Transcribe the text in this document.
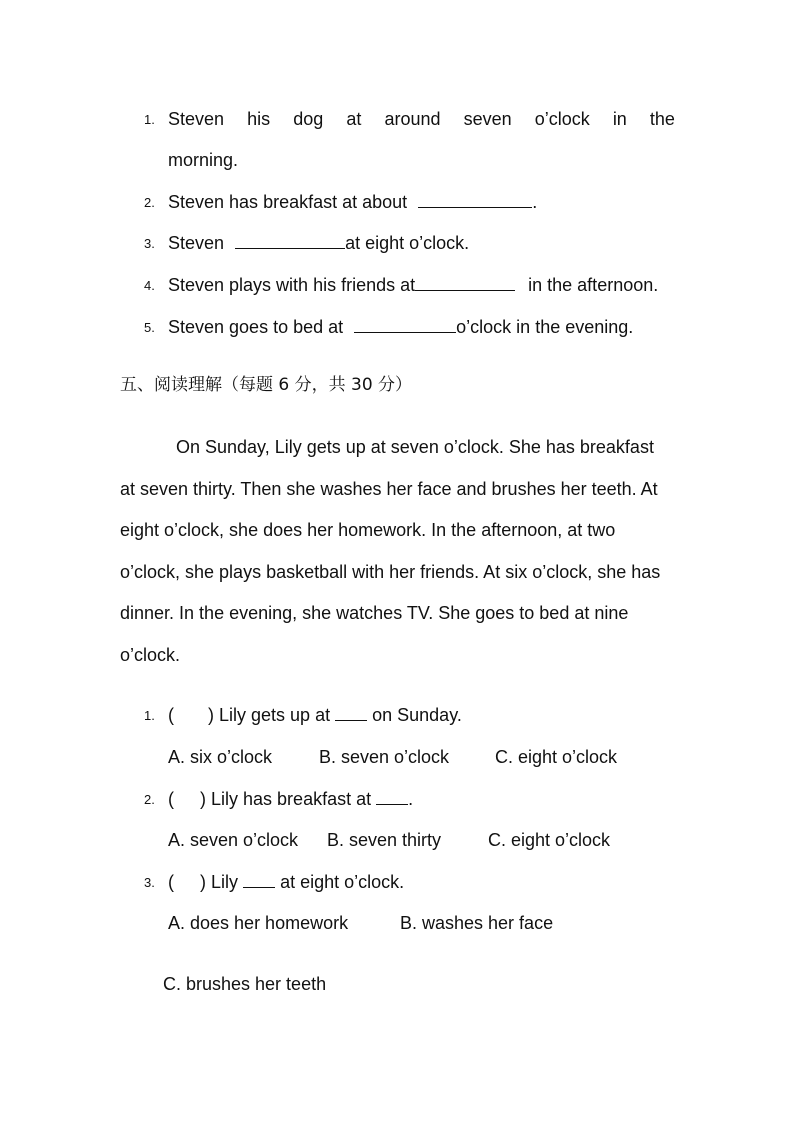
1. Steven his dog at around seven o’clock in the
morning.
2. Steven has breakfast at about	.
3. Steven	at eight o’clock.
4. Steven plays with his friends at	in the afternoon.
5. Steven goes to bed at	o’clock in the evening.
五、阅读理解（每题 6 分，共 30 分）
On Sunday, Lily gets up at seven o’clock. She has breakfast
at seven thirty. Then she washes her face and brushes her teeth. At
eight o’clock, she does her homework. In the afternoon, at two
o’clock, she plays basketball with her friends. At six o’clock, she has
dinner. In the evening, she watches TV. She goes to bed at nine
o’clock.
1. ( ) Lily gets up at on Sunday.
A. six o’clock	B. seven o’clock	C. eight o’clock
2. ( ) Lily has breakfast at .
A. seven o’clock B. seven thirty	C. eight o’clock
3. ( ) Lily at eight o’clock.
A. does her homework	B. washes her face
C. brushes her teeth
